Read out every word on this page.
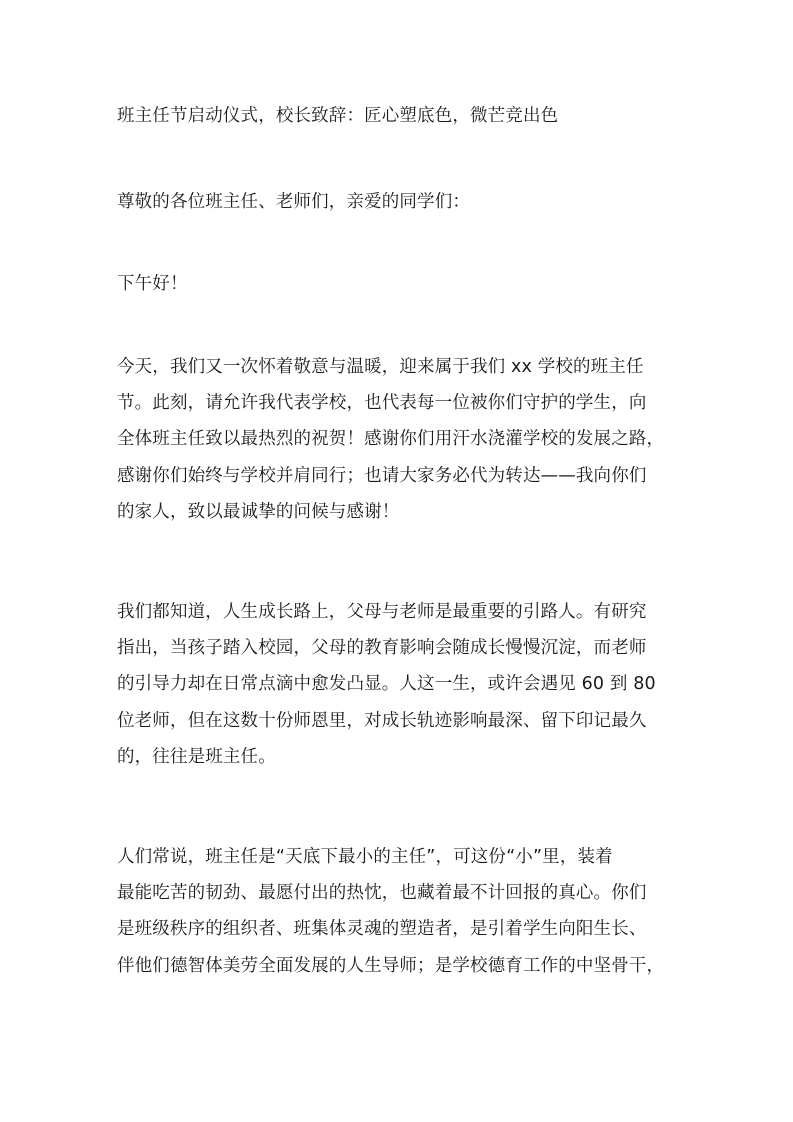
班主任节启动仪式，校长致辞：匠心塑底色，微芒竞出色
尊敬的各位班主任、老师们，亲爱的同学们：
下午好！
今天，我们又一次怀着敬意与温暖，迎来属于我们 xx 学校的班主任
节。此刻，请允许我代表学校，也代表每一位被你们守护的学生，向
全体班主任致以最热烈的祝贺！感谢你们用汗水浇灌学校的发展之路，
感谢你们始终与学校并肩同行；也请大家务必代为转达——我向你们
的家人，致以最诚挚的问候与感谢！
我们都知道，人生成长路上，父母与老师是最重要的引路人。有研究
指出，当孩子踏入校园，父母的教育影响会随成长慢慢沉淀，而老师
的引导力却在日常点滴中愈发凸显。人这一生，或许会遇见 60 到 80
位老师，但在这数十份师恩里，对成长轨迹影响最深、留下印记最久
的，往往是班主任。
人们常说，班主任是“天底下最小的主任”，可这份“小”里，装着
最能吃苦的韧劲、最愿付出的热忱，也藏着最不计回报的真心。你们
是班级秩序的组织者、班集体灵魂的塑造者，是引着学生向阳生长、
伴他们德智体美劳全面发展的人生导师；是学校德育工作的中坚骨干，
